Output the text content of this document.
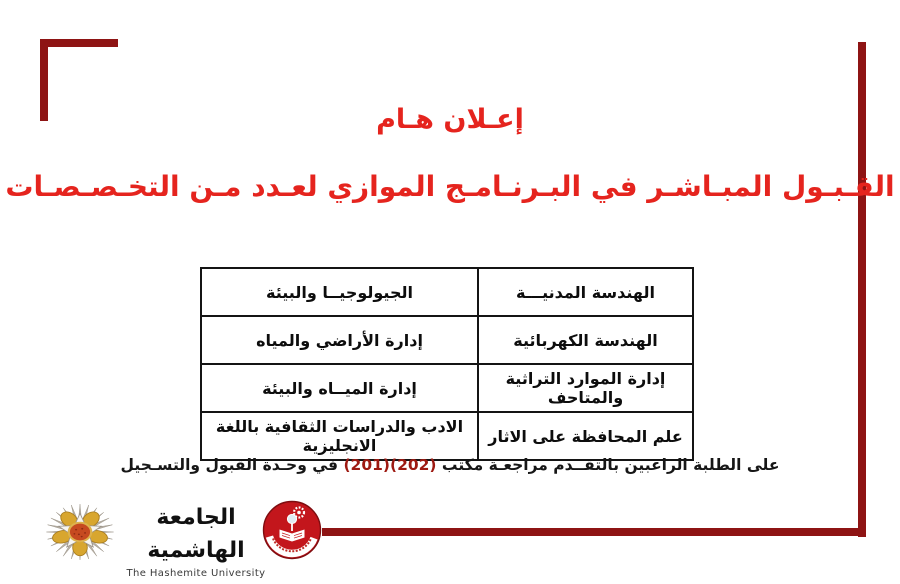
إعـلان هـام
القـبـول المبـاشـر في البـرنـامـج الموازي لعـدد مـن التخـصـصـات
الهندسة المدنيـــة	الجيولوجيــا والبيئة
الهندسة الكهربائية	إدارة الأراضي والمياه
إدارة الموارد التراثية والمتاحف	إدارة الميــاه والبيئة
علم المحافظة على الاثار	الادب والدراسات الثقافية باللغة الانجليزية
على الطلبة الراغبين بالتقــدم مراجعـة مكتب (202)(201) في وحـدة القبول والتسـجيل
الجامعة الهاشمية
The Hashemite University
